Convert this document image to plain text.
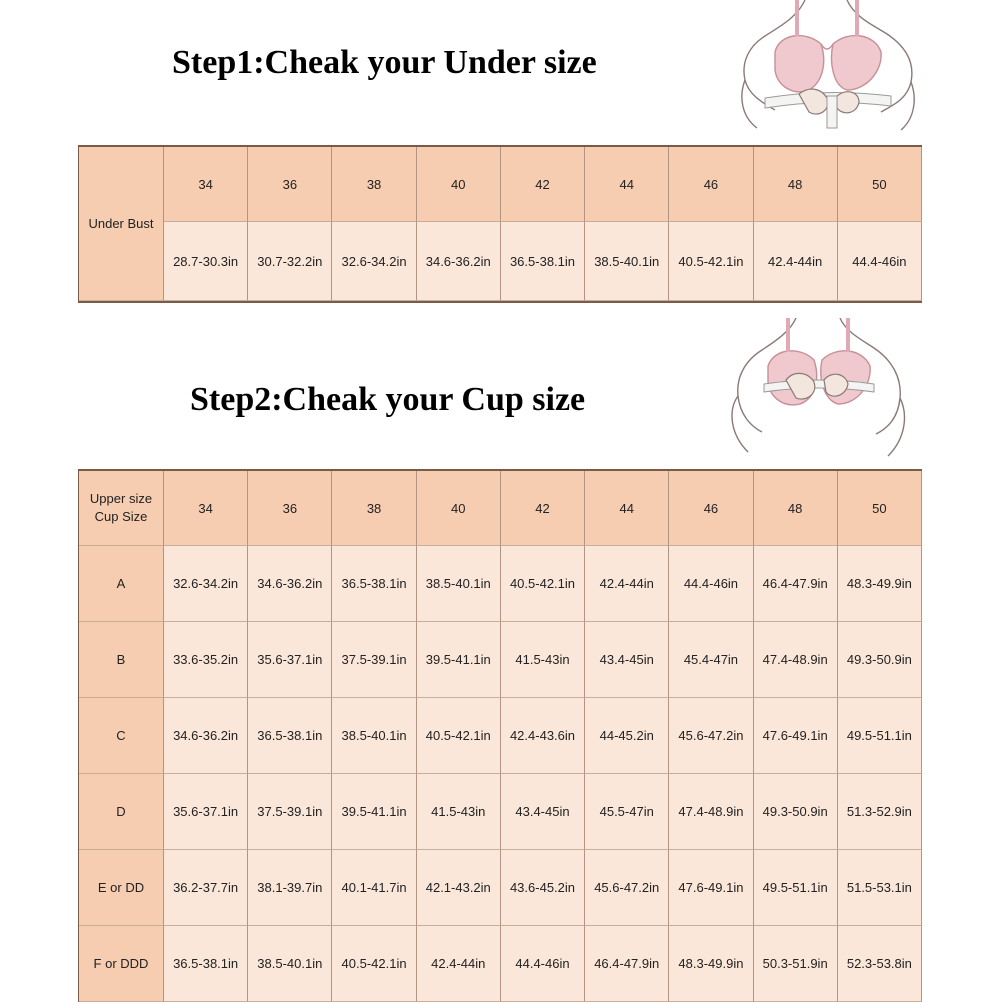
Step1:Cheak your Under size
Under Bust
34	36	38	40	42	44	46	48	50
28.7-30.3in	30.7-32.2in	32.6-34.2in	34.6-36.2in	36.5-38.1in	38.5-40.1in	40.5-42.1in	42.4-44in	44.4-46in
Step2:Cheak your Cup size
Upper size
Cup Size
34	36	38	40	42	44	46	48	50
A	32.6-34.2in	34.6-36.2in	36.5-38.1in	38.5-40.1in	40.5-42.1in	42.4-44in	44.4-46in	46.4-47.9in	48.3-49.9in
B	33.6-35.2in	35.6-37.1in	37.5-39.1in	39.5-41.1in	41.5-43in	43.4-45in	45.4-47in	47.4-48.9in	49.3-50.9in
C	34.6-36.2in	36.5-38.1in	38.5-40.1in	40.5-42.1in	42.4-43.6in	44-45.2in	45.6-47.2in	47.6-49.1in	49.5-51.1in
D	35.6-37.1in	37.5-39.1in	39.5-41.1in	41.5-43in	43.4-45in	45.5-47in	47.4-48.9in	49.3-50.9in	51.3-52.9in
E or DD	36.2-37.7in	38.1-39.7in	40.1-41.7in	42.1-43.2in	43.6-45.2in	45.6-47.2in	47.6-49.1in	49.5-51.1in	51.5-53.1in
F or DDD	36.5-38.1in	38.5-40.1in	40.5-42.1in	42.4-44in	44.4-46in	46.4-47.9in	48.3-49.9in	50.3-51.9in	52.3-53.8in
